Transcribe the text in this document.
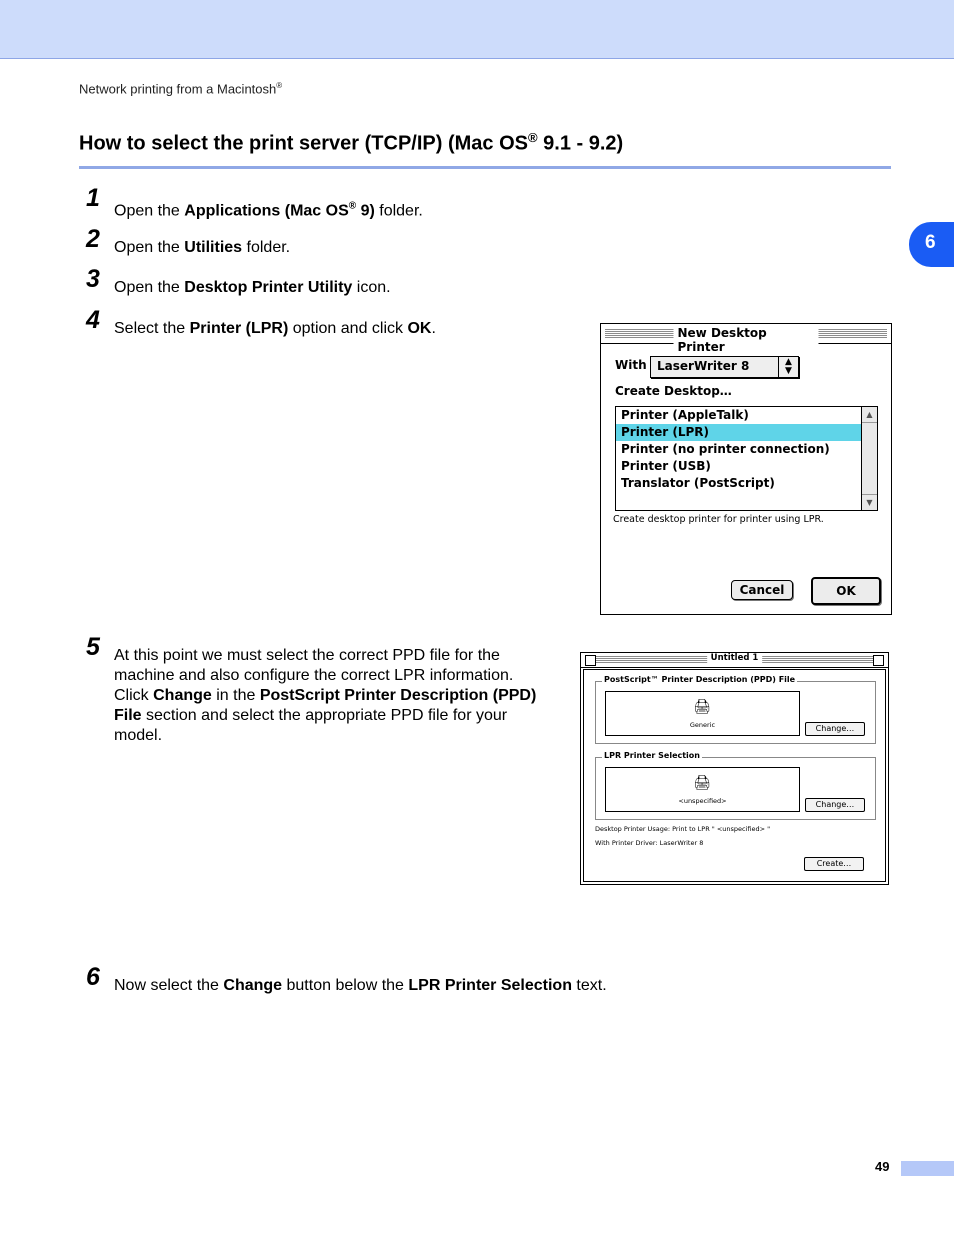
Network printing from a Macintosh®
How to select the print server (TCP/IP) (Mac OS® 9.1 - 9.2)
6
1 Open the Applications (Mac OS® 9) folder.
2 Open the Utilities folder.
3 Open the Desktop Printer Utility icon.
4 Select the Printer (LPR) option and click OK.
5 At this point we must select the correct PPD file for the machine and also configure the correct LPR information. Click Change in the PostScript Printer Description (PPD) File section and select the appropriate PPD file for your model.
6 Now select the Change button below the LPR Printer Selection text.
New Desktop Printer
With LaserWriter 8	▲
▼
Create Desktop…
Printer (AppleTalk)
Printer (LPR)
Printer (no printer connection)
Printer (USB)
Translator (PostScript)
▲
▼
Create desktop printer for printer using LPR.
Cancel	OK
Untitled 1
PostScript™ Printer Description (PPD) File
🖨
Generic	Change…
LPR Printer Selection
🖨
<unspecified>	Change…
Desktop Printer Usage: Print to LPR " <unspecified> "
With Printer Driver: LaserWriter 8
Create…
49
